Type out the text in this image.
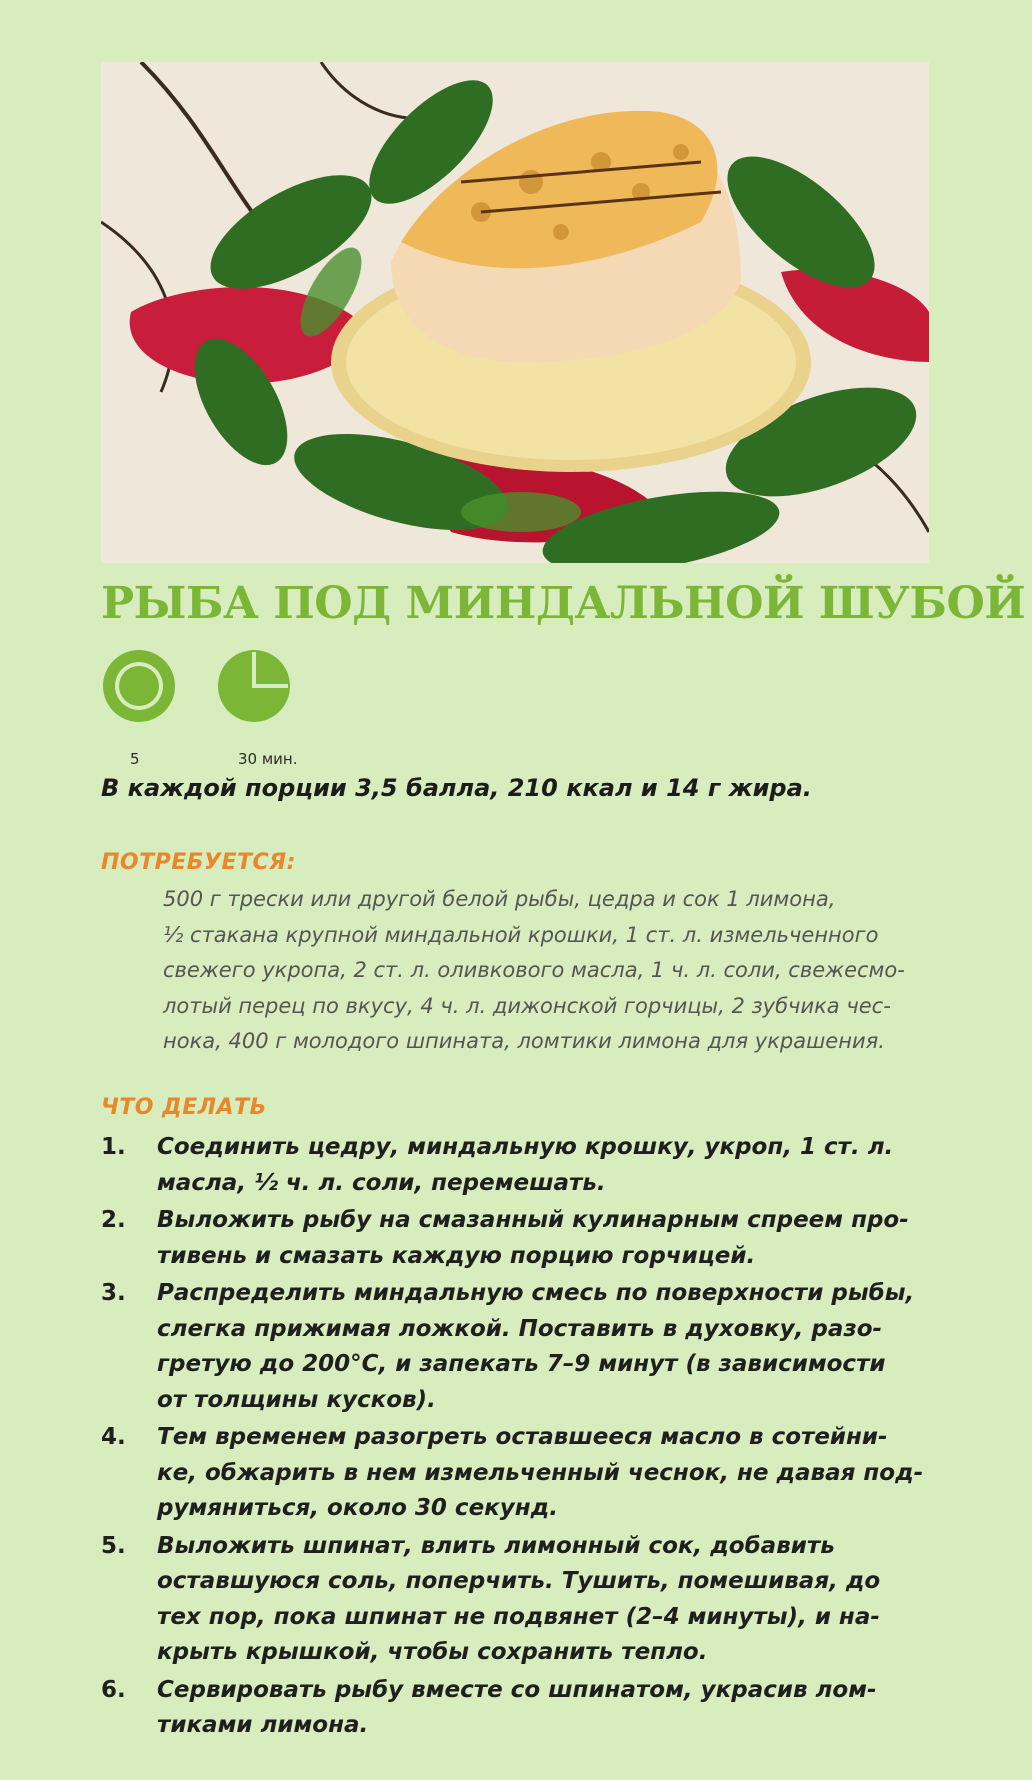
РЫБА ПОД МИНДАЛЬНОЙ ШУБОЙ
5	30 мин.
В каждой порции 3,5 балла, 210 ккал и 14 г жира.
ПОТРЕБУЕТСЯ:
500 г трески или другой белой рыбы, цедра и сок 1 лимона,
½ стакана крупной миндальной крошки, 1 ст. л. измельченного
свежего укропа, 2 ст. л. оливкового масла, 1 ч. л. соли, свежесмо-
лотый перец по вкусу, 4 ч. л. дижонской горчицы, 2 зубчика чес-
нока, 400 г молодого шпината, ломтики лимона для украшения.
ЧТО ДЕЛАТЬ
1.	Соединить цедру, миндальную крошку, укроп, 1 ст. л.
масла, ½ ч. л. соли, перемешать.
2.	Выложить рыбу на смазанный кулинарным спреем про-
тивень и смазать каждую порцию горчицей.
3.	Распределить миндальную смесь по поверхности рыбы,
слегка прижимая ложкой. Поставить в духовку, разо-
гретую до 200°С, и запекать 7–9 минут (в зависимости
от толщины кусков).
4.	Тем временем разогреть оставшееся масло в сотейни-
ке, обжарить в нем измельченный чеснок, не давая под-
румяниться, около 30 секунд.
5.	Выложить шпинат, влить лимонный сок, добавить
оставшуюся соль, поперчить. Тушить, помешивая, до
тех пор, пока шпинат не подвянет (2–4 минуты), и на-
крыть крышкой, чтобы сохранить тепло.
6.	Сервировать рыбу вместе со шпинатом, украсив лом-
тиками лимона.
